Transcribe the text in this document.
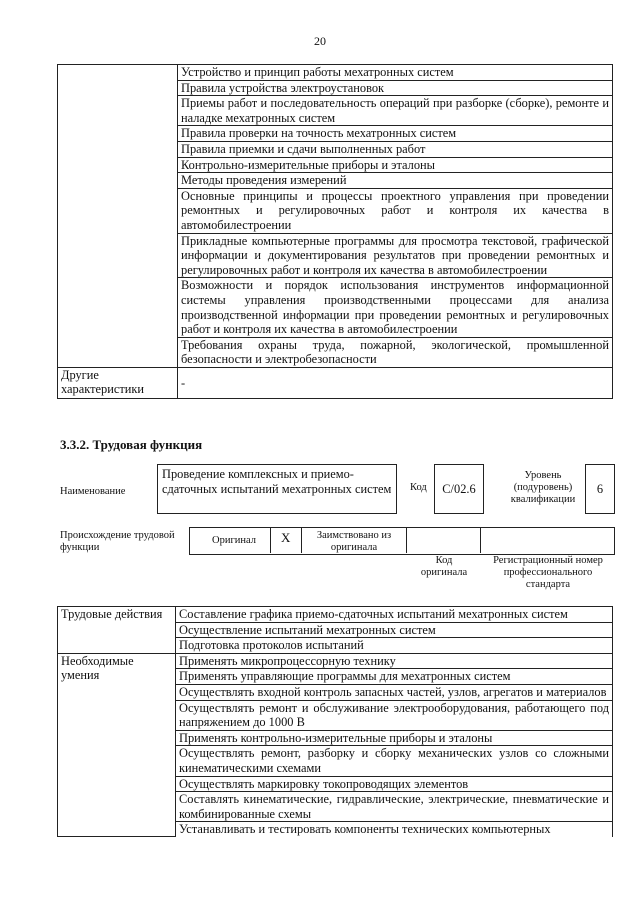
20
	Устройство и принцип работы мехатронных систем
	Правила устройства электроустановок
	Приемы работ и последовательность операций при разборке (сборке), ремонте и наладке мехатронных систем
	Правила проверки на точность мехатронных систем
	Правила приемки и сдачи выполненных работ
	Контрольно-измерительные приборы и эталоны
	Методы проведения измерений
	Основные принципы и процессы проектного управления при проведении ремонтных и регулировочных работ и контроля их качества в автомобилестроении
	Прикладные компьютерные программы для просмотра текстовой, графической информации и документирования результатов при проведении ремонтных и регулировочных работ и контроля их качества в автомобилестроении
	Возможности и порядок использования инструментов информационной системы управления производственными процессами для анализа производственной информации при проведении ремонтных и регулировочных работ и контроля их качества в автомобилестроении
	Требования охраны труда, пожарной, экологической, промышленной безопасности и электробезопасности
Другие характеристики	-
3.3.2. Трудовая функция
Наименование
Проведение комплексных и приемо-сдаточных испытаний мехатронных систем	Код	C/02.6
Уровень (подуровень) квалификации
6
Происхождение трудовой функции
Оригинал X	Заимствовано из оригинала
Код оригинала
Регистрационный номер профессионального стандарта
Трудовые действия	Составление графика приемо-сдаточных испытаний мехатронных систем
	Осуществление испытаний мехатронных систем
	Подготовка протоколов испытаний
Необходимые умения	Применять микропроцессорную технику
	Применять управляющие программы для мехатронных систем
	Осуществлять входной контроль запасных частей, узлов, агрегатов и материалов
	Осуществлять ремонт и обслуживание электрооборудования, работающего под напряжением до 1000 В
	Применять контрольно-измерительные приборы и эталоны
	Осуществлять ремонт, разборку и сборку механических узлов со сложными кинематическими схемами
	Осуществлять маркировку токопроводящих элементов
	Составлять кинематические, гидравлические, электрические, пневматические и комбинированные схемы
	Устанавливать и тестировать компоненты технических компьютерных
